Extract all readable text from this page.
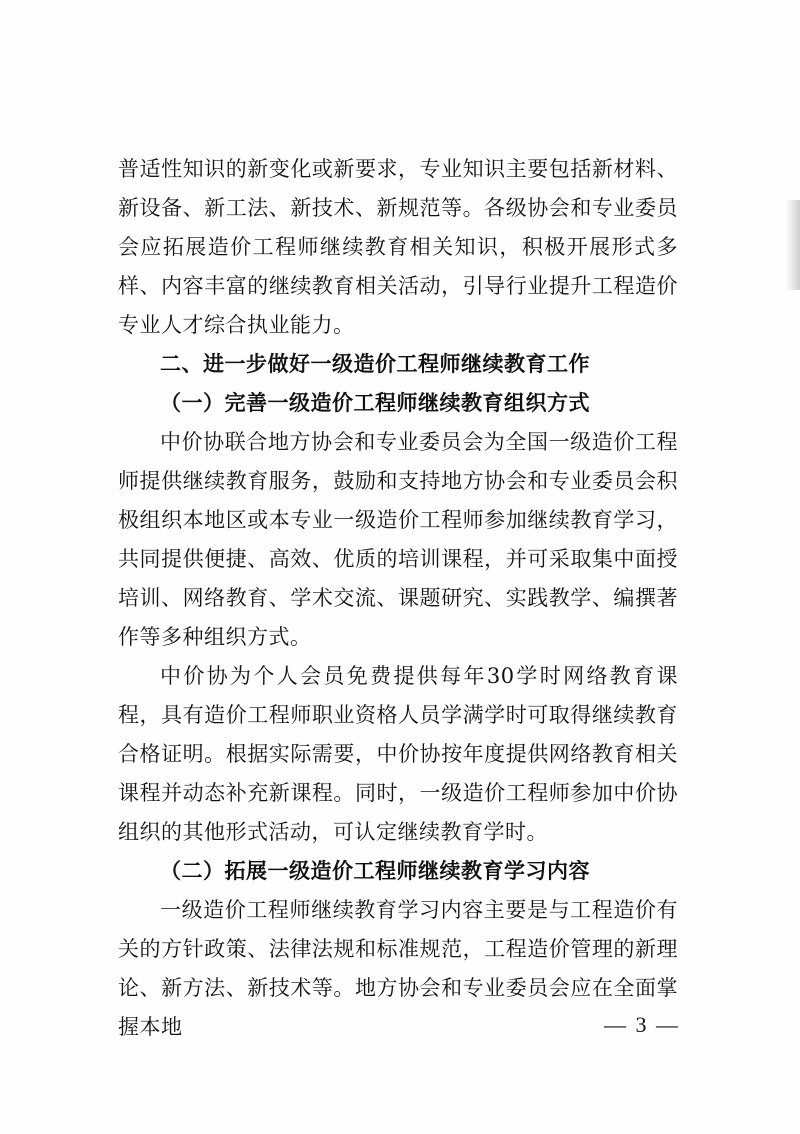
普适性知识的新变化或新要求，专业知识主要包括新材料、新设备、新工法、新技术、新规范等。各级协会和专业委员会应拓展造价工程师继续教育相关知识，积极开展形式多样、内容丰富的继续教育相关活动，引导行业提升工程造价专业人才综合执业能力。

二、进一步做好一级造价工程师继续教育工作
（一）完善一级造价工程师继续教育组织方式

中价协联合地方协会和专业委员会为全国一级造价工程师提供继续教育服务，鼓励和支持地方协会和专业委员会积极组织本地区或本专业一级造价工程师参加继续教育学习，共同提供便捷、高效、优质的培训课程，并可采取集中面授培训、网络教育、学术交流、课题研究、实践教学、编撰著作等多种组织方式。

中价协为个人会员免费提供每年30学时网络教育课程，具有造价工程师职业资格人员学满学时可取得继续教育合格证明。根据实际需要，中价协按年度提供网络教育相关课程并动态补充新课程。同时，一级造价工程师参加中价协组织的其他形式活动，可认定继续教育学时。

（二）拓展一级造价工程师继续教育学习内容

一级造价工程师继续教育学习内容主要是与工程造价有关的方针政策、法律法规和标准规范，工程造价管理的新理论、新方法、新技术等。地方协会和专业委员会应在全面掌握本地	— 3 —
